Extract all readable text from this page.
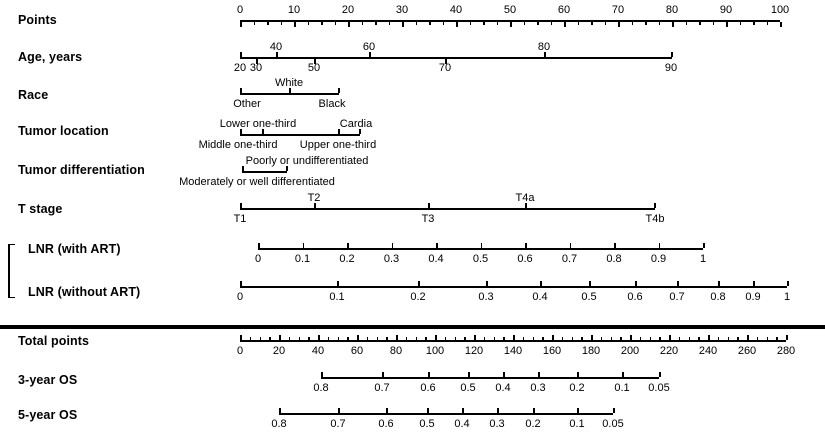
Points
0	10	20	30	40	50	60	70	80	90	100
Age, years
20 30
40
50
60
70
80
90
Race
Other
White
Black
Tumor location
Middle one-third
Lower one-third
Upper one-third
Cardia
Tumor differentiation
Moderately or well differentiated
Poorly or undifferentiated
T stage
T1
T2
T3
T4a
T4b
LNR (with ART)
0	0.1	0.2	0.3	0.4	0.5	0.6	0.7	0.8	0.9	1
LNR (without ART)	0	0.1	0.2	0.3	0.4	0.5	0.6 0.7 0.8 0.9 1
Total points
0	20 40 60 80 100 120 140 160 180 200 220 240 260 280
3-year OS
0.8	0.7	0.6 0.5 0.4 0.3 0.2	0.1 0.05
5-year OS
0.8	0.7	0.6 0.5 0.4 0.3 0.2	0.1 0.05
